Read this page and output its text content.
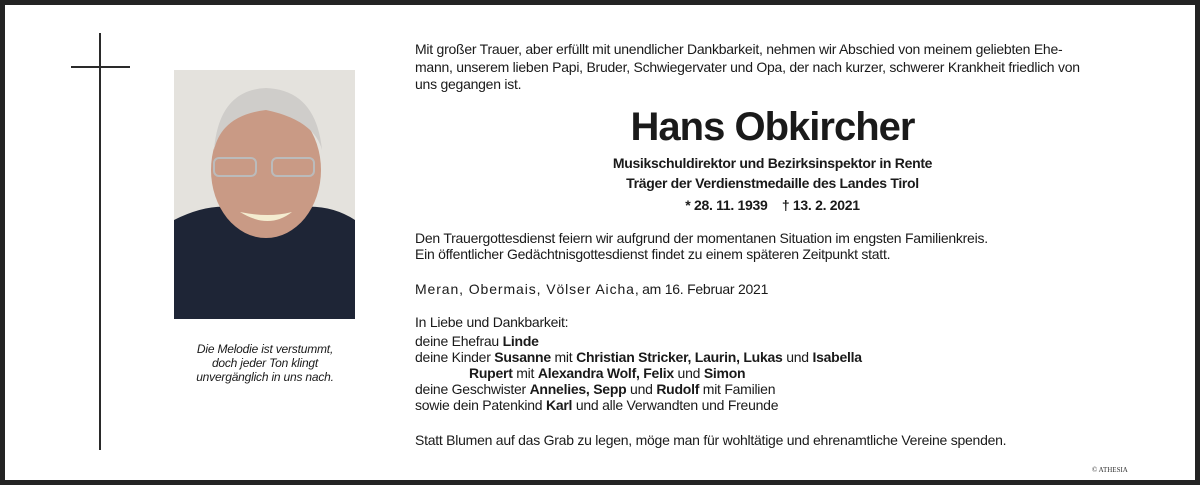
Die Melodie ist verstummt,
doch jeder Ton klingt
unvergänglich in uns nach.
Mit großer Trauer, aber erfüllt mit unendlicher Dankbarkeit, nehmen wir Abschied von meinem geliebten Ehe-
mann, unserem lieben Papi, Bruder, Schwiegervater und Opa, der nach kurzer, schwerer Krankheit friedlich von
uns gegangen ist.
Hans Obkircher
Musikschuldirektor und Bezirksinspektor in Rente
Träger der Verdienstmedaille des Landes Tirol
* 28. 11. 1939 † 13. 2. 2021
Den Trauergottesdienst feiern wir aufgrund der momentanen Situation im engsten Familienkreis.
Ein öffentlicher Gedächtnisgottesdienst findet zu einem späteren Zeitpunkt statt.
Meran, Obermais, Völser Aicha, am 16. Februar 2021
In Liebe und Dankbarkeit:
deine Ehefrau Linde
deine Kinder Susanne mit Christian Stricker, Laurin, Lukas und Isabella
Rupert mit Alexandra Wolf, Felix und Simon
deine Geschwister Annelies, Sepp und Rudolf mit Familien
sowie dein Patenkind Karl und alle Verwandten und Freunde
Statt Blumen auf das Grab zu legen, möge man für wohltätige und ehrenamtliche Vereine spenden.
© ATHESIA
